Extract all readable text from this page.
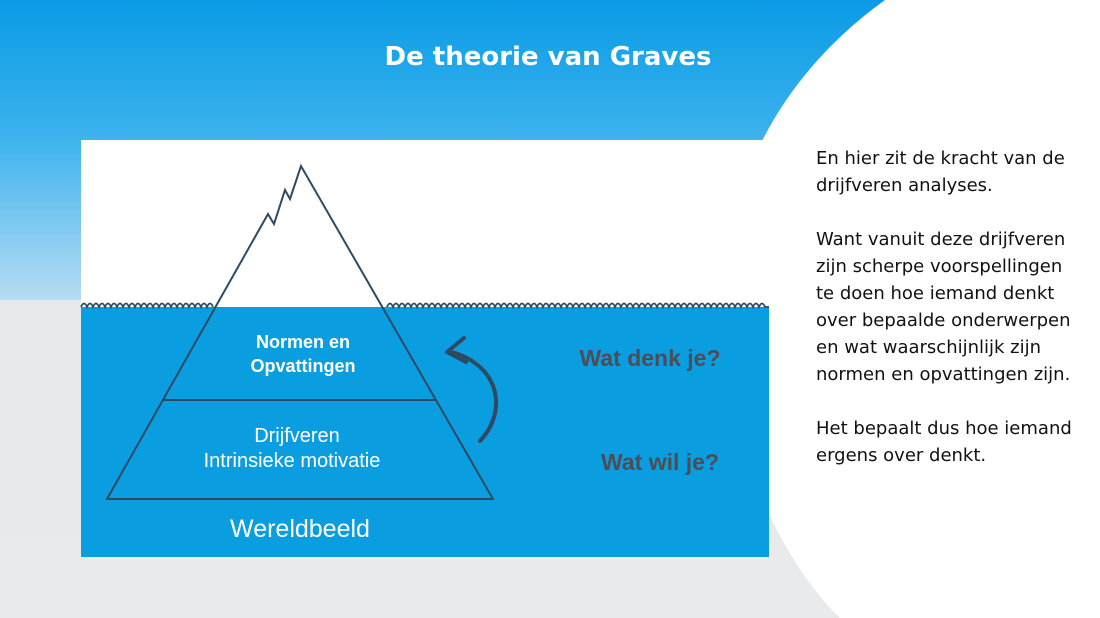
De theorie van Graves
Normen en
Opvattingen
Drijfveren
Intrinsieke motivatie
Wereldbeeld
Wat denk je?
Wat wil je?

En hier zit de kracht van de drijfveren analyses.

Want vanuit deze drijfveren zijn scherpe voorspellingen te doen hoe iemand denkt over bepaalde onderwerpen en wat waarschijnlijk zijn normen en opvattingen zijn.

Het bepaalt dus hoe iemand ergens over denkt.
